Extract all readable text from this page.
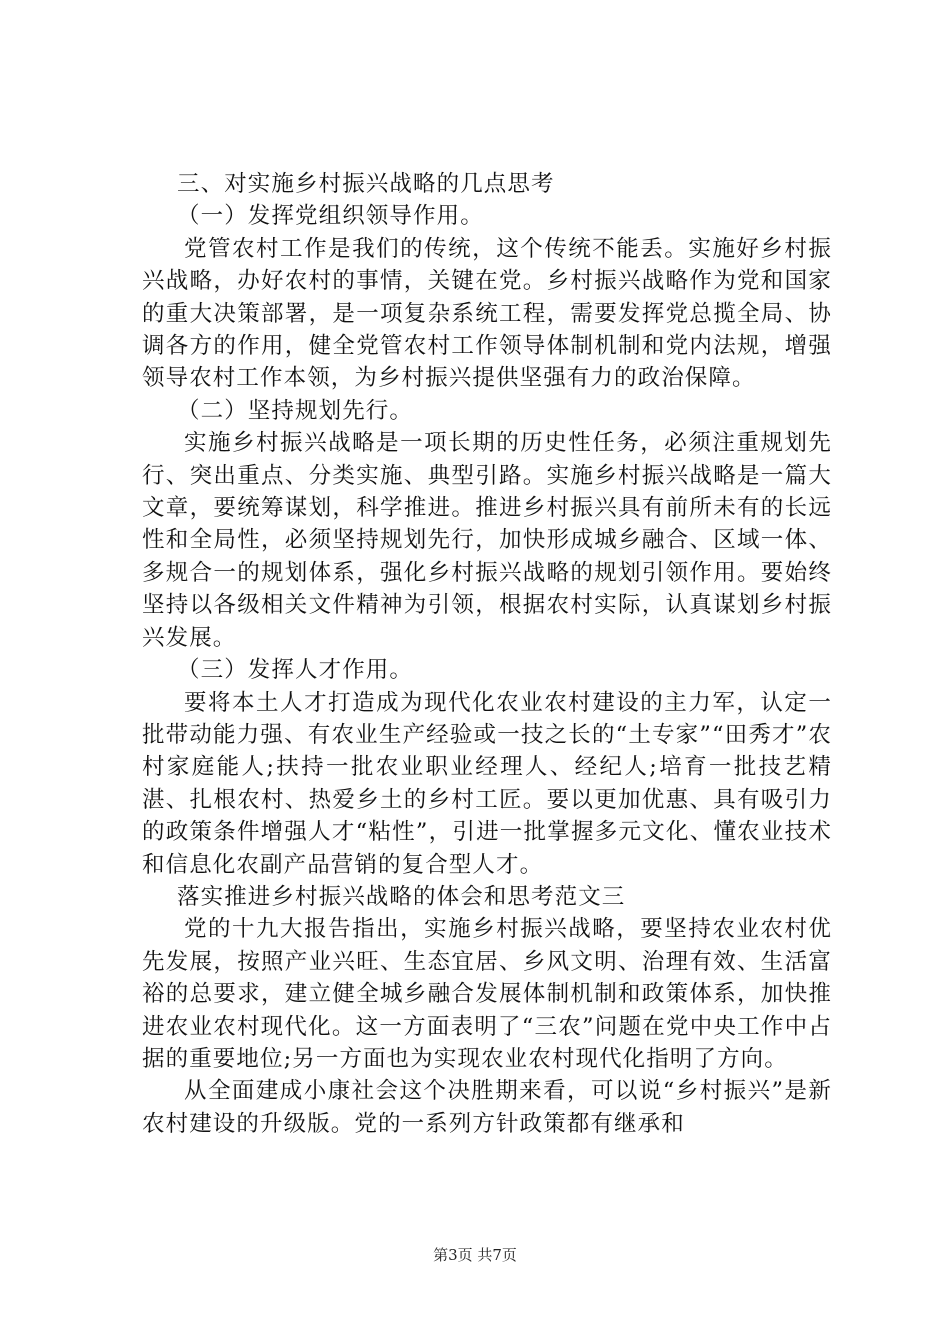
三、对实施乡村振兴战略的几点思考

（一）发挥党组织领导作用。

党管农村工作是我们的传统，这个传统不能丢。实施好乡村振兴战略，办好农村的事情，关键在党。乡村振兴战略作为党和国家的重大决策部署，是一项复杂系统工程，需要发挥党总揽全局、协调各方的作用，健全党管农村工作领导体制机制和党内法规，增强领导农村工作本领，为乡村振兴提供坚强有力的政治保障。

（二）坚持规划先行。

实施乡村振兴战略是一项长期的历史性任务，必须注重规划先行、突出重点、分类实施、典型引路。实施乡村振兴战略是一篇大文章，要统筹谋划，科学推进。推进乡村振兴具有前所未有的长远性和全局性，必须坚持规划先行，加快形成城乡融合、区域一体、多规合一的规划体系，强化乡村振兴战略的规划引领作用。要始终坚持以各级相关文件精神为引领，根据农村实际，认真谋划乡村振兴发展。

（三）发挥人才作用。

要将本土人才打造成为现代化农业农村建设的主力军，认定一批带动能力强、有农业生产经验或一技之长的“土专家”“田秀才”农村家庭能人;扶持一批农业职业经理人、经纪人;培育一批技艺精湛、扎根农村、热爱乡土的乡村工匠。要以更加优惠、具有吸引力的政策条件增强人才“粘性”，引进一批掌握多元文化、懂农业技术和信息化农副产品营销的复合型人才。

落实推进乡村振兴战略的体会和思考范文三

党的十九大报告指出，实施乡村振兴战略，要坚持农业农村优先发展，按照产业兴旺、生态宜居、乡风文明、治理有效、生活富裕的总要求，建立健全城乡融合发展体制机制和政策体系，加快推进农业农村现代化。这一方面表明了“三农”问题在党中央工作中占据的重要地位;另一方面也为实现农业农村现代化指明了方向。

从全面建成小康社会这个决胜期来看，可以说“乡村振兴”是新农村建设的升级版。党的一系列方针政策都有继承和

第3页 共7页
